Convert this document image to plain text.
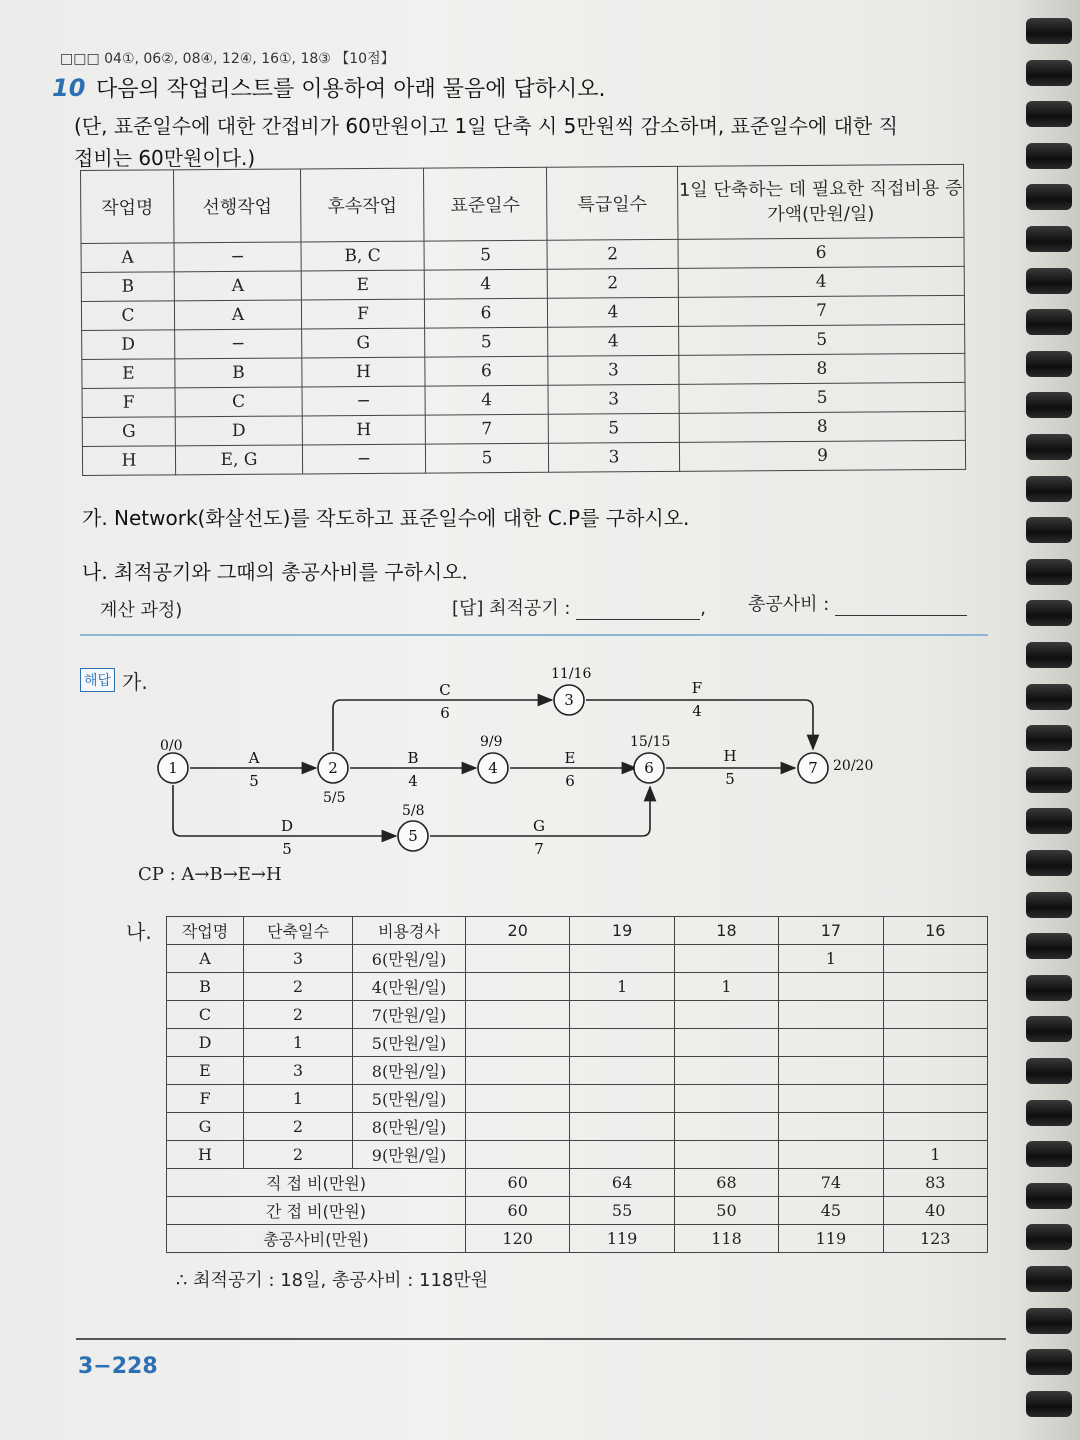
□□□ 04①, 06②, 08④, 12④, 16①, 18③ 【10점】
10 다음의 작업리스트를 이용하여 아래 물음에 답하시오.
(단, 표준일수에 대한 간접비가 60만원이고 1일 단축 시 5만원씩 감소하며, 표준일수에 대한 직
접비는 60만원이다.)
작업명	선행작업	후속작업	표준일수	특급일수	1일 단축하는 데 필요한 직접비용 증가액(만원/일)
A	−	B, C	5	2	6
B	A	E	4	2	4
C	A	F	6	4	7
D	−	G	5	4	5
E	B	H	6	3	8
F	C	−	4	3	5
G	D	H	7	5	8
H	E, G	−	5	3	9
가. Network(화살선도)를 작도하고 표준일수에 대한 C.P를 구하시오.
나. 최적공기와 그때의 총공사비를 구하시오.
계산 과정)	[답] 최적공기 :	, 총공사비 :
해답 가.
1	2
3
4
5
6	7
0/0
5/5
11/16
9/9
5/8
15/15
20/20
A
5
B
4
C
6
D
5
E
6
F
4
G
7
H
5
CP : A→B→E→H
나. 작업명	단축일수	비용경사	20	19	18	17	16
A	3	6(만원/일)				1	
B	2	4(만원/일)		1	1		
C	2	7(만원/일)					
D	1	5(만원/일)					
E	3	8(만원/일)					
F	1	5(만원/일)					
G	2	8(만원/일)					
H	2	9(만원/일)					1
직 접 비(만원)			60	64	68	74	83
간 접 비(만원)			60	55	50	45	40
총공사비(만원)			120	119	118	119	123
∴ 최적공기 : 18일, 총공사비 : 118만원
3−228
